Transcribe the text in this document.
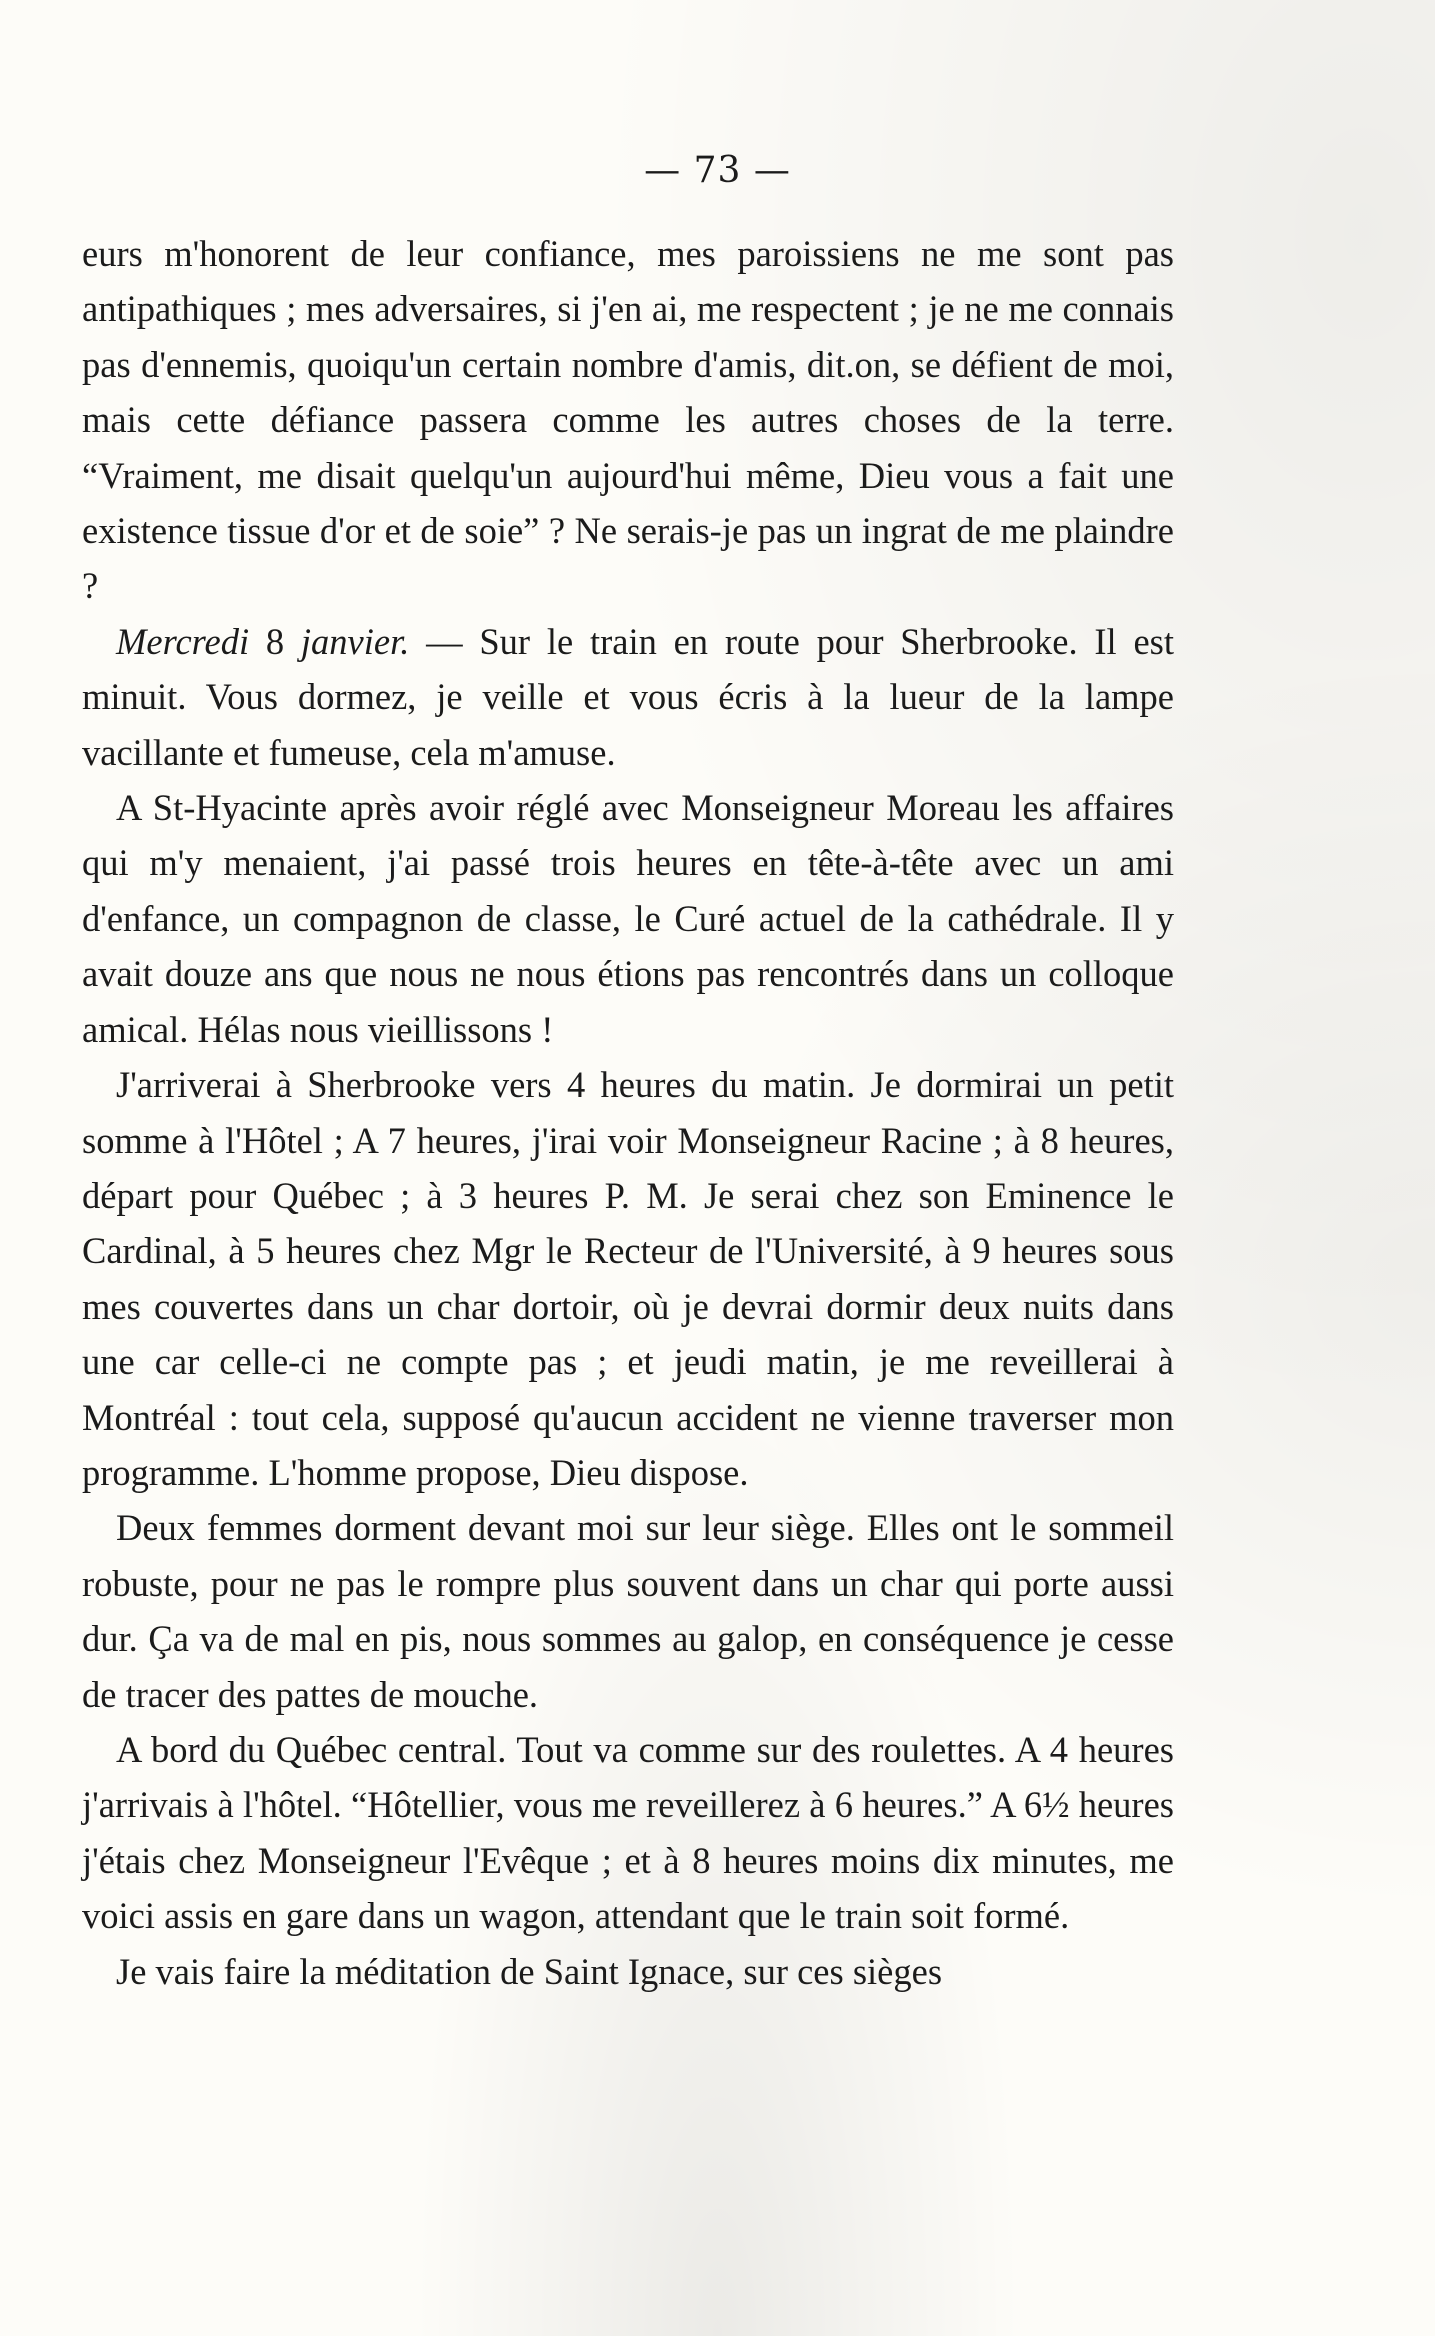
— 73 —

eurs m'honorent de leur confiance, mes paroissiens ne me sont pas antipathiques ; mes adversaires, si j'en ai, me respectent ; je ne me connais pas d'ennemis, quoiqu'un certain nombre d'amis, dit.on, se défient de moi, mais cette défiance passera comme les autres choses de la terre. “Vraiment, me disait quelqu'un aujourd'hui même, Dieu vous a fait une existence tissue d'or et de soie” ? Ne serais-je pas un ingrat de me plaindre ?

Mercredi 8 janvier. — Sur le train en route pour Sherbrooke. Il est minuit. Vous dormez, je veille et vous écris à la lueur de la lampe vacillante et fumeuse, cela m'amuse.

A St-Hyacinte après avoir réglé avec Monseigneur Moreau les affaires qui m'y menaient, j'ai passé trois heures en tête-à-tête avec un ami d'enfance, un compagnon de classe, le Curé actuel de la cathédrale. Il y avait douze ans que nous ne nous étions pas rencontrés dans un colloque amical. Hélas nous vieillissons !

J'arriverai à Sherbrooke vers 4 heures du matin. Je dormirai un petit somme à l'Hôtel ; A 7 heures, j'irai voir Monseigneur Racine ; à 8 heures, départ pour Québec ; à 3 heures P. M. Je serai chez son Eminence le Cardinal, à 5 heures chez Mgr le Recteur de l'Université, à 9 heures sous mes couvertes dans un char dortoir, où je devrai dormir deux nuits dans une car celle-ci ne compte pas ; et jeudi matin, je me reveillerai à Montréal : tout cela, supposé qu'aucun accident ne vienne traverser mon programme. L'homme propose, Dieu dispose.

Deux femmes dorment devant moi sur leur siège. Elles ont le sommeil robuste, pour ne pas le rompre plus souvent dans un char qui porte aussi dur. Ça va de mal en pis, nous sommes au galop, en conséquence je cesse de tracer des pattes de mouche.

A bord du Québec central. Tout va comme sur des roulettes. A 4 heures j'arrivais à l'hôtel. “Hôtellier, vous me reveillerez à 6 heures.” A 6½ heures j'étais chez Monseigneur l'Evêque ; et à 8 heures moins dix minutes, me voici assis en gare dans un wagon, attendant que le train soit formé.

Je vais faire la méditation de Saint Ignace, sur ces sièges
